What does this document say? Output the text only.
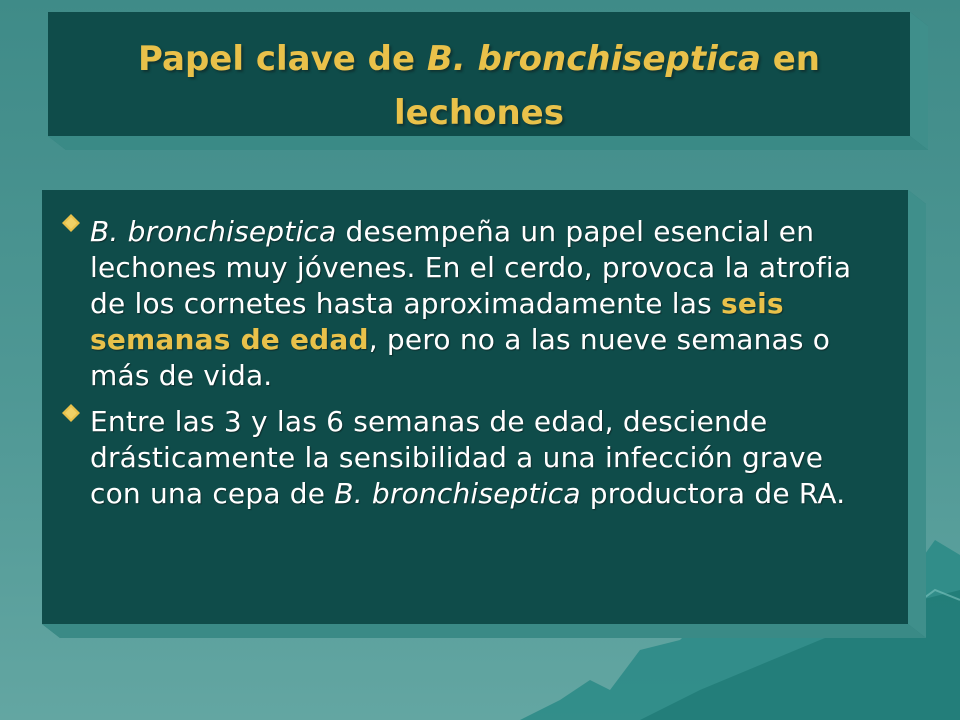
Papel clave de B. bronchiseptica en
lechones
B. bronchiseptica desempeña un papel esencial en lechones muy jóvenes. En el cerdo, provoca la atrofia de los cornetes hasta aproximadamente las seis semanas de edad, pero no a las nueve semanas o más de vida.
Entre las 3 y las 6 semanas de edad, desciende drásticamente la sensibilidad a una infección grave con una cepa de B. bronchiseptica productora de RA.
